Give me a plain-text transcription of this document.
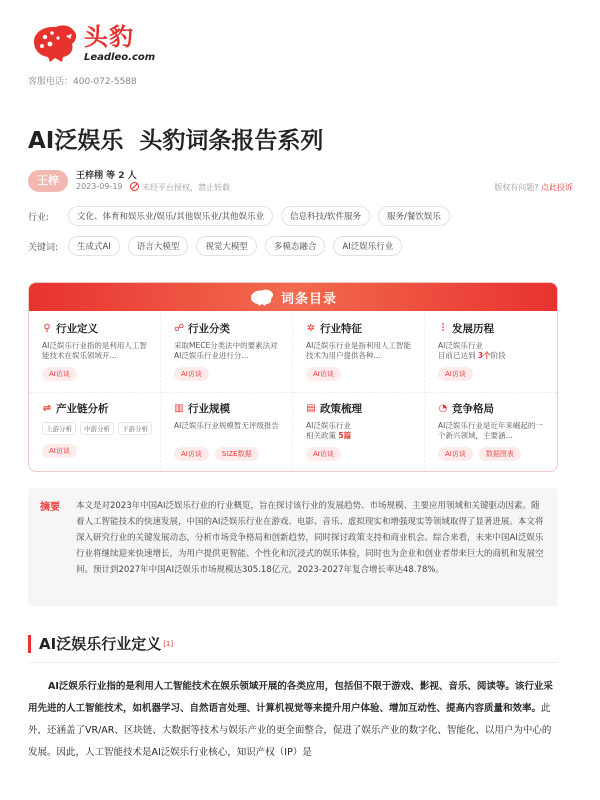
头豹
Leadleo.com
客服电话：400-072-5588
AI泛娱乐  头豹词条报告系列
王梓	王梓栩 等 2 人
2023-09-19 未经平台授权，禁止转载	版权有问题? 点此投诉
行业:	文化、体育和娱乐业/娱乐/其他娱乐业/其他娱乐业	信息科技/软件服务	服务/餐饮娱乐
关键词:	生成式AI	语言大模型	视觉大模型	多模态融合	AI泛娱乐行业
词条目录
⚲ 行业定义
AI泛娱乐行业指的是利用人工智能技术在娱乐领域开...
AI访谈
☍ 行业分类
采取MECE分类法中的要素法对AI泛娱乐行业进行分...
AI访谈
✲ 行业特征
AI泛娱乐行业是指利用人工智能技术为用户提供各种...
AI访谈
⫶ 发展历程
AI泛娱乐行业
目前已达到 3个阶段
AI访谈
⇌ 产业链分析
上游分析	中游分析	下游分析
AI访谈
▥ 行业规模
AI泛娱乐行业规模暂无评级报告
AI访谈	SIZE数据
▤ 政策梳理
AI泛娱乐行业
相关政策 5篇
AI访谈
◔ 竞争格局
AI泛娱乐行业是近年来崛起的一个新兴领域，主要涵...
AI访谈	数据图表
摘要	本文是对2023年中国AI泛娱乐行业的行业概览，旨在探讨该行业的发展趋势、市场规模、主要应用领域和关键驱动因素。随着人工智能技术的快速发展，中国的AI泛娱乐行业在游戏、电影、音乐、虚拟现实和增强现实等领域取得了显著进展。本文将深入研究行业的关键发展动态，分析市场竞争格局和创新趋势，同时探讨政策支持和商业机会。综合来看，未来中国AI泛娱乐行业将继续迎来快速增长，为用户提供更智能、个性化和沉浸式的娱乐体验，同时也为企业和创业者带来巨大的商机和发展空间。预计到2027年中国AI泛娱乐市场规模达305.18亿元，2023-2027年复合增长率达48.78%。
AI泛娱乐行业定义 [1]
AI泛娱乐行业指的是利用人工智能技术在娱乐领域开展的各类应用，包括但不限于游戏、影视、音乐、阅读等。该行业采用先进的人工智能技术，如机器学习、自然语言处理、计算机视觉等来提升用户体验、增加互动性、提高内容质量和效率。此外，还涵盖了VR/AR、区块链、大数据等技术与娱乐产业的更全面整合，促进了娱乐产业的数字化、智能化、以用户为中心的发展。因此，人工智能技术是AI泛娱乐行业核心，知识产权（IP）是
